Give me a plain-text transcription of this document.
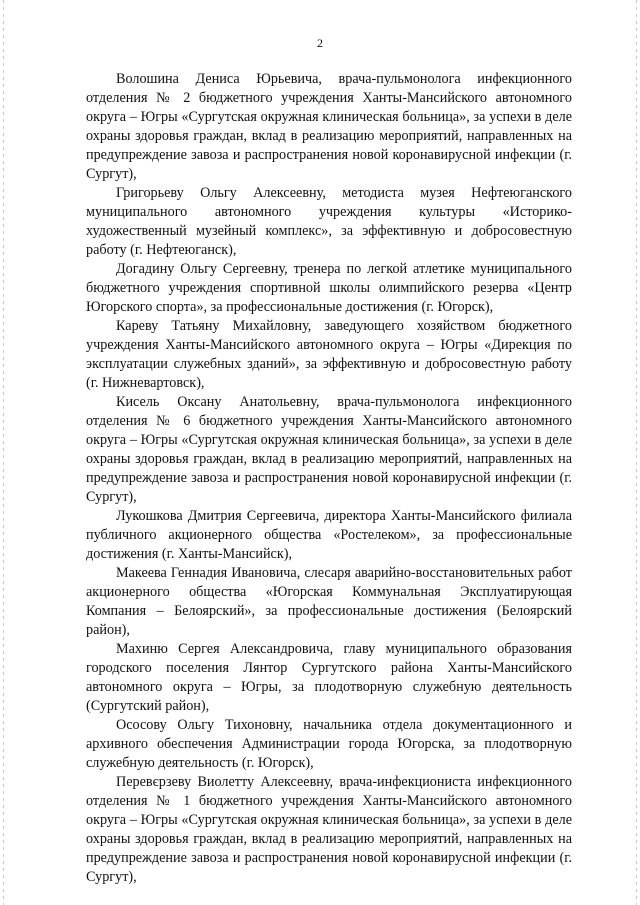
2

Волошина Дениса Юрьевича, врача-пульмонолога инфекционного отделения № 2 бюджетного учреждения Ханты-Мансийского автономного округа – Югры «Сургутская окружная клиническая больница», за успехи в деле охраны здоровья граждан, вклад в реализацию мероприятий, направленных на предупреждение завоза и распространения новой коронавирусной инфекции (г. Сургут),

Григорьеву Ольгу Алексеевну, методиста музея Нефтеюганского муниципального автономного учреждения культуры «Историко-художественный музейный комплекс», за эффективную и добросовестную работу (г. Нефтеюганск),

Догадину Ольгу Сергеевну, тренера по легкой атлетике муниципального бюджетного учреждения спортивной школы олимпийского резерва «Центр Югорского спорта», за профессиональные достижения (г. Югорск),

Кареву Татьяну Михайловну, заведующего хозяйством бюджетного учреждения Ханты-Мансийского автономного округа – Югры «Дирекция по эксплуатации служебных зданий», за эффективную и добросовестную работу (г. Нижневартовск),

Кисель Оксану Анатольевну, врача-пульмонолога инфекционного отделения № 6 бюджетного учреждения Ханты-Мансийского автономного округа – Югры «Сургутская окружная клиническая больница», за успехи в деле охраны здоровья граждан, вклад в реализацию мероприятий, направленных на предупреждение завоза и распространения новой коронавирусной инфекции (г. Сургут),

Лукошкова Дмитрия Сергеевича, директора Ханты-Мансийского филиала публичного акционерного общества «Ростелеком», за профессиональные достижения (г. Ханты-Мансийск),

Макеева Геннадия Ивановича, слесаря аварийно-восстановительных работ акционерного общества «Югорская Коммунальная Эксплуатирующая Компания – Белоярский», за профессиональные достижения (Белоярский район),

Махиню Сергея Александровича, главу муниципального образования городского поселения Лянтор Сургутского района Ханты-Мансийского автономного округа – Югры, за плодотворную служебную деятельность (Сургутский район),

Ососову Ольгу Тихоновну, начальника отдела документационного и архивного обеспечения Администрации города Югорска, за плодотворную служебную деятельность (г. Югорск),

Перевєрзеву Виолетту Алексеевну, врача-инфекциониста инфекционного отделения № 1 бюджетного учреждения Ханты-Мансийского автономного округа – Югры «Сургутская окружная клиническая больница», за успехи в деле охраны здоровья граждан, вклад в реализацию мероприятий, направленных на предупреждение завоза и распространения новой коронавирусной инфекции (г. Сургут),
